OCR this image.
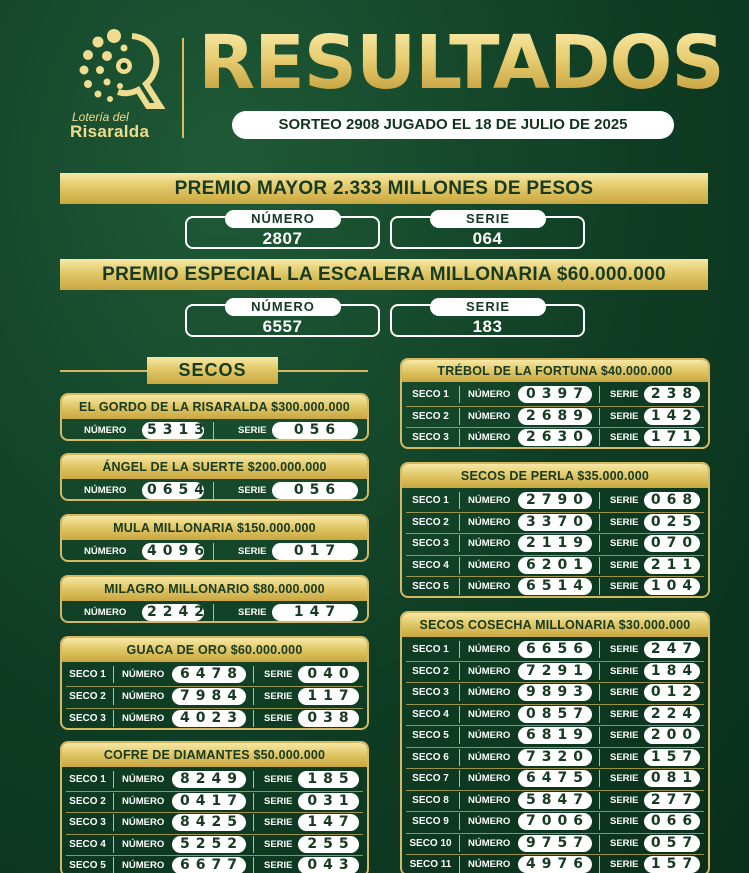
Lotería del
Risaralda
RESULTADOS
SORTEO 2908 JUGADO EL 18 DE JULIO DE 2025
PREMIO MAYOR 2.333 MILLONES DE PESOS
NÚMERO
2807
SERIE
064
PREMIO ESPECIAL LA ESCALERA MILLONARIA $60.000.000
NÚMERO
6557
SERIE
183
SECOS
EL GORDO DE LA RISARALDA $300.000.000
NÚMERO	5313	SERIE	056
ÁNGEL DE LA SUERTE $200.000.000
NÚMERO	0654	SERIE	056
MULA MILLONARIA $150.000.000
NÚMERO	4096	SERIE	017
MILAGRO MILLONARIO $80.000.000
NÚMERO	2242	SERIE	147
GUACA DE ORO $60.000.000
SECO 1	NÚMERO	6478	SERIE	040
SECO 2	NÚMERO	7984	SERIE	117
SECO 3	NÚMERO	4023	SERIE	038
COFRE DE DIAMANTES $50.000.000
SECO 1	NÚMERO	8249	SERIE	185
SECO 2	NÚMERO	0417	SERIE	031
SECO 3	NÚMERO	8425	SERIE	147
SECO 4	NÚMERO	5252	SERIE	255
SECO 5	NÚMERO	6677	SERIE	043
TRÉBOL DE LA FORTUNA $40.000.000
SECO 1	NÚMERO	0397	SERIE 238
SECO 2	NÚMERO	2689	SERIE 142
SECO 3	NÚMERO	2630	SERIE 171
SECOS DE PERLA $35.000.000
SECO 1	NÚMERO	2790	SERIE 068
SECO 2	NÚMERO	3370	SERIE 025
SECO 3	NÚMERO	2119	SERIE 070
SECO 4	NÚMERO	6201	SERIE 211
SECO 5	NÚMERO	6514	SERIE 104
SECOS COSECHA MILLONARIA $30.000.000
SECO 1	NÚMERO	6656	SERIE 247
SECO 2	NÚMERO	7291	SERIE 184
SECO 3	NÚMERO	9893	SERIE 012
SECO 4	NÚMERO	0857	SERIE 224
SECO 5	NÚMERO	6819	SERIE 200
SECO 6	NÚMERO	7320	SERIE 157
SECO 7	NÚMERO	6475	SERIE 081
SECO 8	NÚMERO	5847	SERIE 277
SECO 9	NÚMERO	7006	SERIE 066
SECO 10	NÚMERO	9757	SERIE 057
SECO 11	NÚMERO	4976	SERIE 157
